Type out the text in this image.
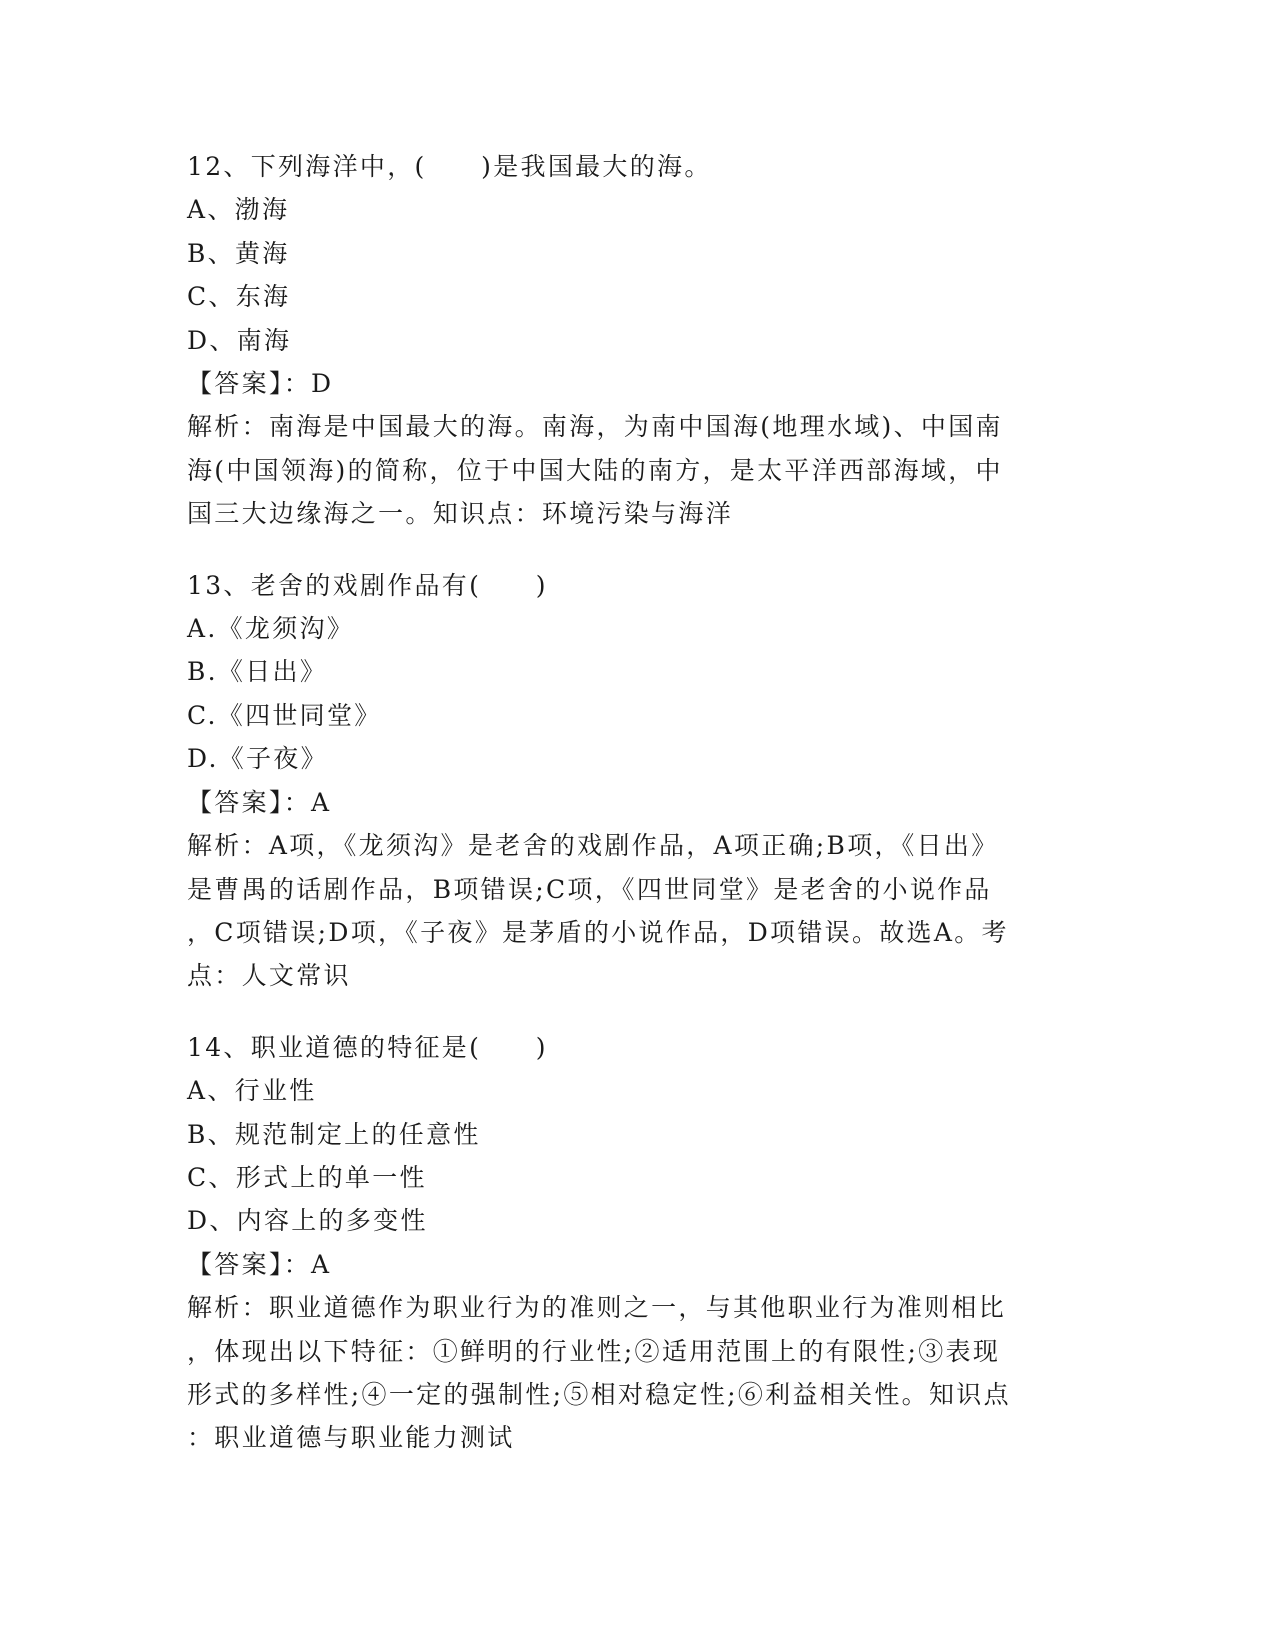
12、下列海洋中，(　　)是我国最大的海。
A、渤海
B、黄海
C、东海
D、南海
【答案】：D
解析：南海是中国最大的海。南海，为南中国海(地理水域)、中国南
海(中国领海)的简称，位于中国大陆的南方，是太平洋西部海域，中
国三大边缘海之一。知识点：环境污染与海洋
13、老舍的戏剧作品有(　　)
A.《龙须沟》
B.《日出》
C.《四世同堂》
D.《子夜》
【答案】：A
解析：A项，《龙须沟》是老舍的戏剧作品，A项正确;B项，《日出》
是曹禺的话剧作品，B项错误;C项，《四世同堂》是老舍的小说作品
，C项错误;D项，《子夜》是茅盾的小说作品，D项错误。故选A。考
点：人文常识
14、职业道德的特征是(　　)
A、行业性
B、规范制定上的任意性
C、形式上的单一性
D、内容上的多变性
【答案】：A
解析：职业道德作为职业行为的准则之一，与其他职业行为准则相比
，体现出以下特征：①鲜明的行业性;②适用范围上的有限性;③表现
形式的多样性;④一定的强制性;⑤相对稳定性;⑥利益相关性。知识点
：职业道德与职业能力测试
